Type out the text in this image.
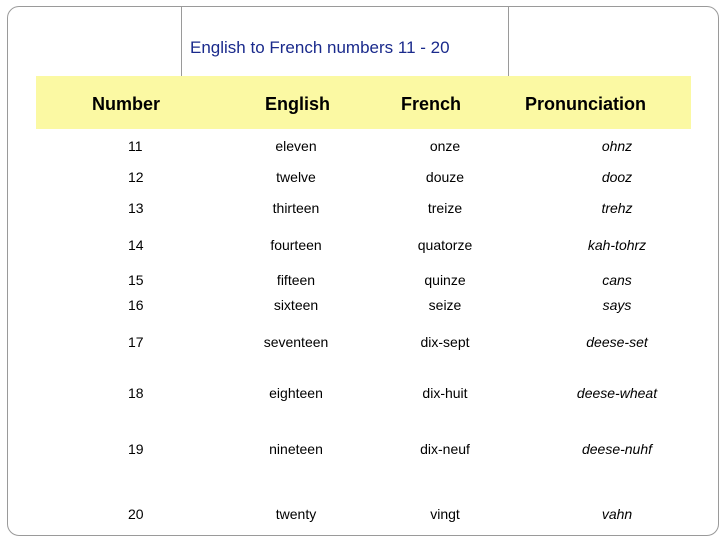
English to French numbers 11 - 20
Number	English	French	Pronunciation
11	eleven	onze	ohnz
12	twelve	douze	dooz
13	thirteen	treize	trehz
14	fourteen	quatorze	kah-tohrz
15	fifteen	quinze	cans
16	sixteen	seize	says
17	seventeen	dix-sept	deese-set
18	eighteen	dix-huit	deese-wheat
19	nineteen	dix-neuf	deese-nuhf
20	twenty	vingt	vahn
